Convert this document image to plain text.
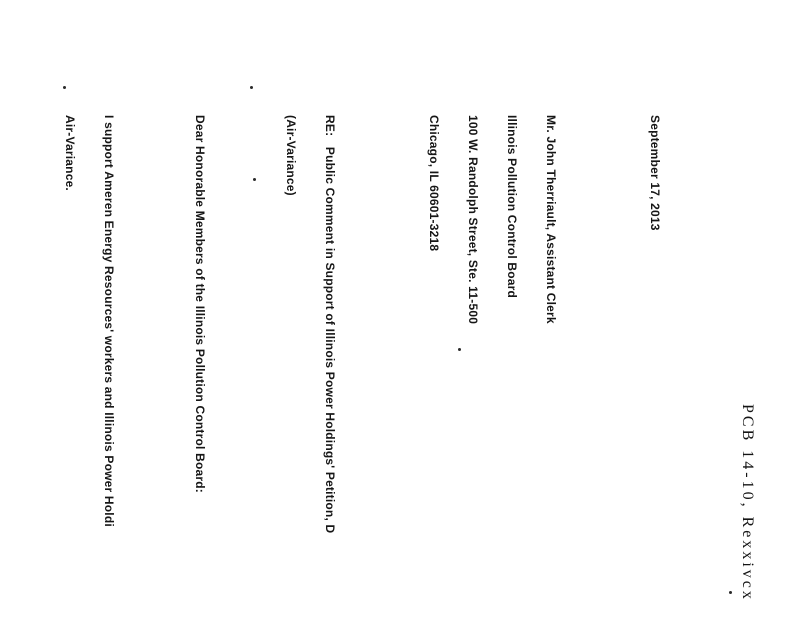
PCB 14-10, Rexxivcx

September 17, 2013

Mr. John Therriault, Assistant Clerk

Illinois Pollution Control Board

100 W. Randolph Street, Ste. 11-500

Chicago, IL 60601-3218

RE:   Public Comment in Support of Illinois Power Holdings' Petition, D

(Air-Variance)

Dear Honorable Members of the Illinois Pollution Control Board:

I support Ameren Energy Resources' workers and Illinois Power Holdi

Air-Variance.
